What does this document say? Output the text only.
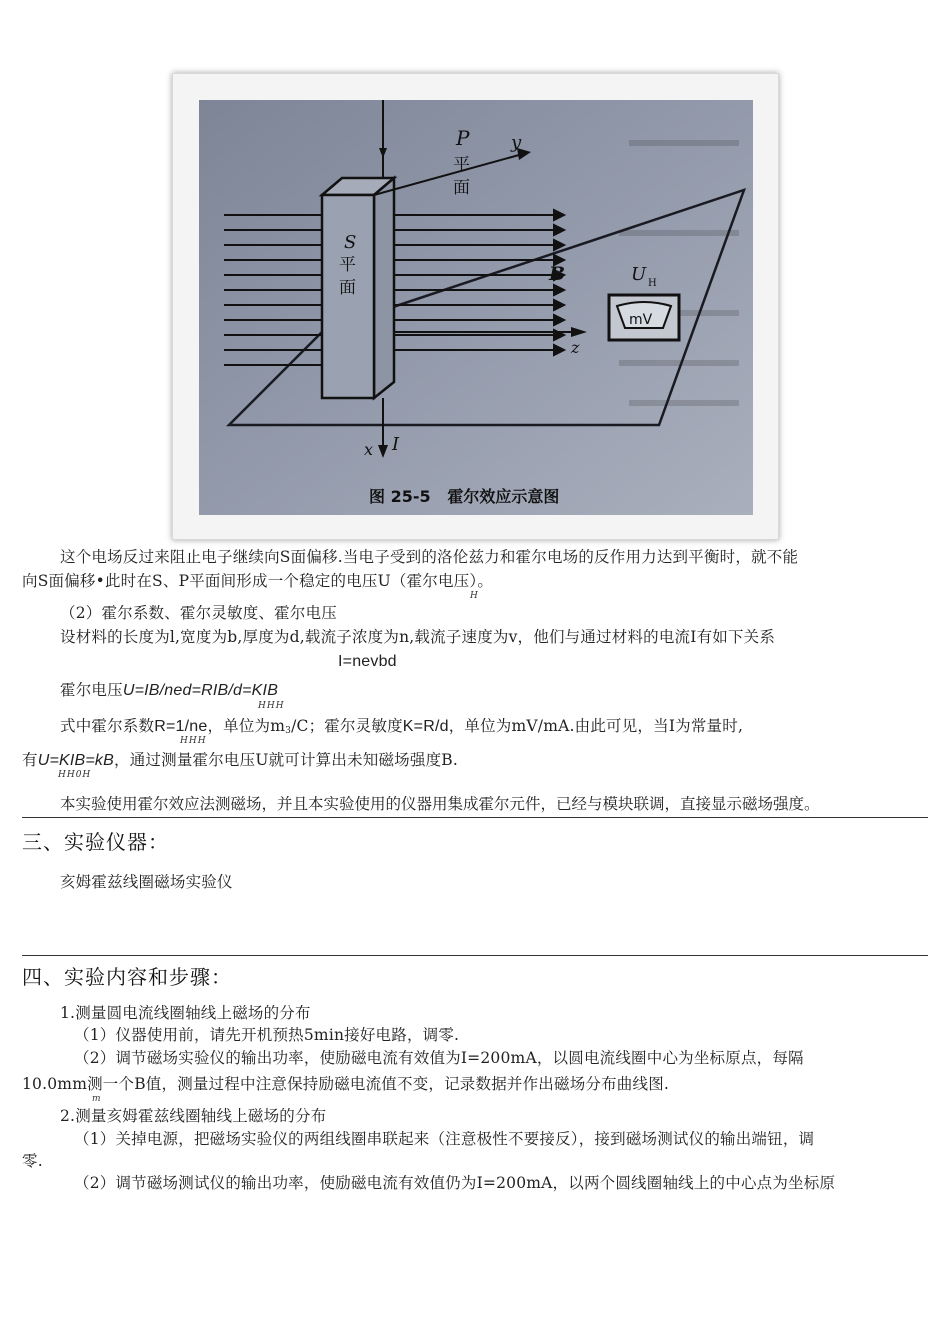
P
平
面
S
平
面
y
z
x I
B	U H
mV
图 25-5   霍尔效应示意图
这个电场反过来阻止电子继续向S面偏移.当电子受到的洛伦兹力和霍尔电场的反作用力达到平衡时，就不能
向S面偏移•此时在S、P平面间形成一个稳定的电压U（霍尔电压）。
H
（2）霍尔系数、霍尔灵敏度、霍尔电压
设材料的长度为l,宽度为b,厚度为d,载流子浓度为n,载流子速度为v，他们与通过材料的电流I有如下关系
I=nevbd
霍尔电压U=IB/ned=RIB/d=KIB
HHH
式中霍尔系数R=1/ne，单位为m3/C；霍尔灵敏度K=R/d，单位为mV/mA.由此可见，当I为常量时,
HHH
有U=KIB=kB，通过测量霍尔电压U就可计算出未知磁场强度B.
HH0H
本实验使用霍尔效应法测磁场，并且本实验使用的仪器用集成霍尔元件，已经与模块联调，直接显示磁场强度。
三、实验仪器：
亥姆霍兹线圈磁场实验仪
四、实验内容和步骤：
1.测量圆电流线圈轴线上磁场的分布
（1）仪器使用前，请先开机预热5min接好电路，调零.
（2）调节磁场实验仪的输出功率，使励磁电流有效值为I=200mA，以圆电流线圈中心为坐标原点，每隔
10.0mm测一个B值，测量过程中注意保持励磁电流值不变，记录数据并作出磁场分布曲线图.
m
2.测量亥姆霍兹线圈轴线上磁场的分布
（1）关掉电源，把磁场实验仪的两组线圈串联起来（注意极性不要接反），接到磁场测试仪的输出端钮，调
零.
（2）调节磁场测试仪的输出功率，使励磁电流有效值仍为I=200mA，以两个圆线圈轴线上的中心点为坐标原
